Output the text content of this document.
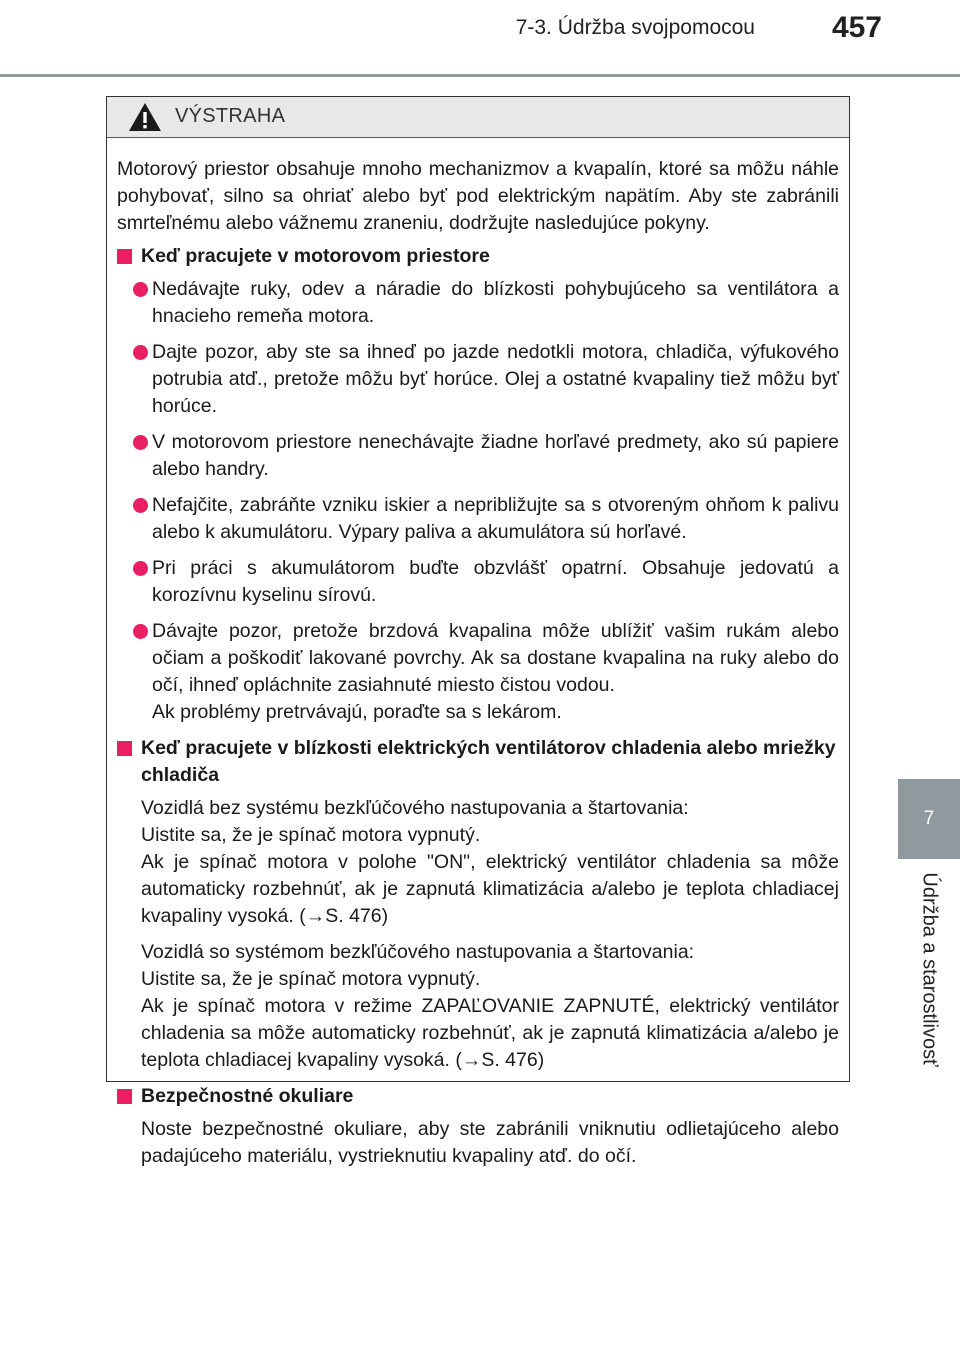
7-3. Údržba svojpomocou	457
7
Údržba a starostlivosť
VÝSTRAHA

Motorový priestor obsahuje mnoho mechanizmov a kvapalín, ktoré sa môžu náhle pohybovať, silno sa ohriať alebo byť pod elektrickým napätím. Aby ste zabránili smrteľnému alebo vážnemu zraneniu, dodržujte nasledujúce pokyny.

Keď pracujete v motorovom priestore
Nedávajte ruky, odev a náradie do blízkosti pohybujúceho sa ventilátora a hnacieho remeňa motora.
Dajte pozor, aby ste sa ihneď po jazde nedotkli motora, chladiča, výfukového potrubia atď., pretože môžu byť horúce. Olej a ostatné kvapaliny tiež môžu byť horúce.
V motorovom priestore nenechávajte žiadne horľavé predmety, ako sú papiere alebo handry.
Nefajčite, zabráňte vzniku iskier a nepribližujte sa s otvoreným ohňom k palivu alebo k akumulátoru. Výpary paliva a akumulátora sú horľavé.
Pri práci s akumulátorom buďte obzvlášť opatrní. Obsahuje jedovatú a korozívnu kyselinu sírovú.
Dávajte pozor, pretože brzdová kvapalina môže ublížiť vašim rukám alebo očiam a poškodiť lakované povrchy. Ak sa dostane kvapalina na ruky alebo do očí, ihneď opláchnite zasiahnuté miesto čistou vodou.
Ak problémy pretrvávajú, poraďte sa s lekárom.
Keď pracujete v blízkosti elektrických ventilátorov chladenia alebo mriežky chladiča
Vozidlá bez systému bezkľúčového nastupovania a štartovania:
Uistite sa, že je spínač motora vypnutý.
Ak je spínač motora v polohe "ON", elektrický ventilátor chladenia sa môže automaticky rozbehnúť, ak je zapnutá klimatizácia a/alebo je teplota chladiacej kvapaliny vysoká. (→S. 476)
Vozidlá so systémom bezkľúčového nastupovania a štartovania:
Uistite sa, že je spínač motora vypnutý.
Ak je spínač motora v režime ZAPAĽOVANIE ZAPNUTÉ, elektrický ventilátor chladenia sa môže automaticky rozbehnúť, ak je zapnutá klimatizácia a/alebo je teplota chladiacej kvapaliny vysoká. (→S. 476)
Bezpečnostné okuliare
Noste bezpečnostné okuliare, aby ste zabránili vniknutiu odlietajúceho alebo padajúceho materiálu, vystrieknutiu kvapaliny atď. do očí.
